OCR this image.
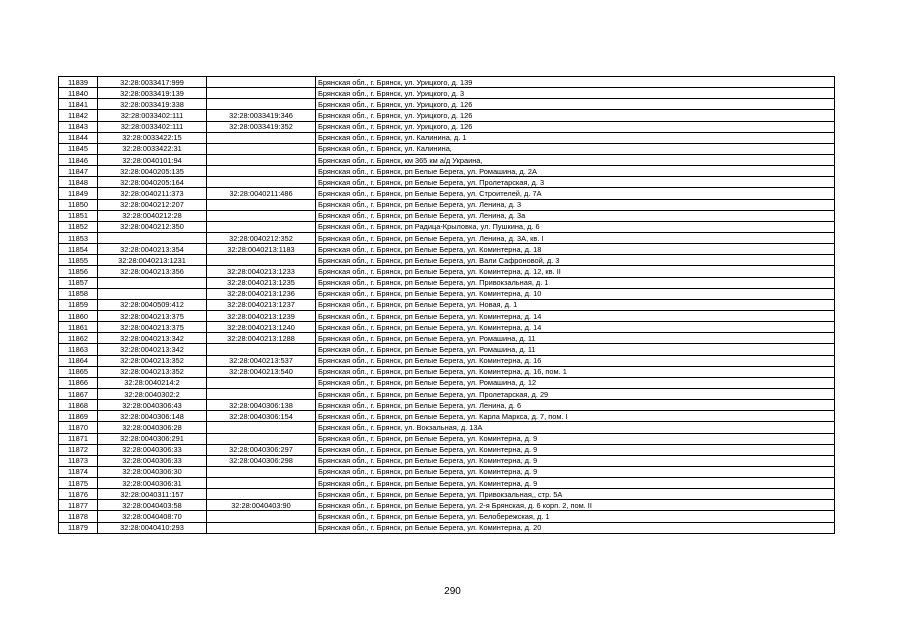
11839	32:28:0033417:999		Брянская обл., г. Брянск, ул. Урицкого, д. 139
11840	32:28:0033419:139		Брянская обл., г. Брянск, ул. Урицкого, д. 3
11841	32:28:0033419:338		Брянская обл., г. Брянск, ул. Урицкого, д. 126
11842	32:28:0033402:111	32:28:0033419:346	Брянская обл., г. Брянск, ул. Урицкого, д. 126
11843	32:28:0033402:111	32:28:0033419:352	Брянская обл., г. Брянск, ул. Урицкого, д. 126
11844	32:28:0033422:15		Брянская обл., г. Брянск, ул. Калинина, д. 1
11845	32:28:0033422:31		Брянская обл., г. Брянск, ул. Калинина,
11846	32:28:0040101:94		Брянская обл., г. Брянск, км 365 км а/д Украина,
11847	32:28:0040205:135		Брянская обл., г. Брянск, рп Белые Берега, ул. Ромашина, д. 2А
11848	32:28:0040205:164		Брянская обл., г. Брянск, рп Белые Берега, ул. Пролетарская, д. 3
11849	32:28:0040211:373	32:28:0040211:486	Брянская обл., г. Брянск, рп Белые Берега, ул. Строителей, д. 7А
11850	32:28:0040212:207		Брянская обл., г. Брянск, рп Белые Берега, ул. Ленина, д. 3
11851	32:28:0040212:28		Брянская обл., г. Брянск, рп Белые Берега, ул. Ленина, д. 3а
11852	32:28:0040212:350		Брянская обл., г. Брянск, рп Радица-Крыловка, ул. Пушкина, д. 6
11853		32:28:0040212:352	Брянская обл., г. Брянск, рп Белые Берега, ул. Ленина, д. 3А, кв. I
11854	32:28:0040213:354	32:28:0040213:1183	Брянская обл., г. Брянск, рп Белые Берега, ул. Коминтерна, д. 18
11855	32:28:0040213:1231		Брянская обл., г. Брянск, рп Белые Берега, ул. Вали Сафроновой, д. 3
11856	32:28:0040213:356	32:28:0040213:1233	Брянская обл., г. Брянск, рп Белые Берега, ул. Коминтерна, д. 12, кв. II
11857		32:28:0040213:1235	Брянская обл., г. Брянск, рп Белые Берега, ул. Привокзальная, д. 1
11858		32:28:0040213:1236	Брянская обл., г. Брянск, рп Белые Берега, ул. Коминтерна, д. 10
11859	32:28:0040509:412	32:28:0040213:1237	Брянская обл., г. Брянск, рп Белые Берега, ул. Новая, д. 1
11860	32:28:0040213:375	32:28:0040213:1239	Брянская обл., г. Брянск, рп Белые Берега, ул. Коминтерна, д. 14
11861	32:28:0040213:375	32:28:0040213:1240	Брянская обл., г. Брянск, рп Белые Берега, ул. Коминтерна, д. 14
11862	32:28:0040213:342	32:28:0040213:1288	Брянская обл., г. Брянск, рп Белые Берега, ул. Ромашина, д. 11
11863	32:28:0040213:342		Брянская обл., г. Брянск, рп Белые Берега, ул. Ромашина, д. 11
11864	32:28:0040213:352	32:28:0040213:537	Брянская обл., г. Брянск, рп Белые Берега, ул. Коминтерна, д. 16
11865	32:28:0040213:352	32:28:0040213:540	Брянская обл., г. Брянск, рп Белые Берега, ул. Коминтерна, д. 16, пом. 1
11866	32:28:0040214:2		Брянская обл., г. Брянск, рп Белые Берега, ул. Ромашина, д. 12
11867	32:28:0040302:2		Брянская обл., г. Брянск, рп Белые Берега, ул. Пролетарская, д. 29
11868	32:28:0040306:43	32:28:0040306:138	Брянская обл., г. Брянск, рп Белые Берега, ул. Ленина, д. 6
11869	32:28:0040306:148	32:28:0040306:154	Брянская обл., г. Брянск, рп Белые Берега, ул. Карла Маркса, д. 7, пом. I
11870	32:28:0040306:28		Брянская обл., г. Брянск, ул. Вокзальная, д. 13А
11871	32:28:0040306:291		Брянская обл., г. Брянск, рп Белые Берега, ул. Коминтерна, д. 9
11872	32:28:0040306:33	32:28:0040306:297	Брянская обл., г. Брянск, рп Белые Берега, ул. Коминтерна, д. 9
11873	32:28:0040306:33	32:28:0040306:298	Брянская обл., г. Брянск, рп Белые Берега, ул. Коминтерна, д. 9
11874	32:28:0040306:30		Брянская обл., г. Брянск, рп Белые Берега, ул. Коминтерна, д. 9
11875	32:28:0040306:31		Брянская обл., г. Брянск, рп Белые Берега, ул. Коминтерна, д. 9
11876	32:28:0040311:157		Брянская обл., г. Брянск, рп Белые Берега, ул. Привокзальная,, стр. 5А
11877	32:28:0040403:58	32:28:0040403:90	Брянская обл., г. Брянск, рп Белые Берега, ул. 2-я Брянская, д. 6 корп. 2, пом. II
11878	32:28:0040408:70		Брянская обл., г. Брянск, рп Белые Берега, ул. Белобережская, д. 1
11879	32:28:0040410:293		Брянская обл., г. Брянск, рп Белые Берега, ул. Коминтерна, д. 20
290
